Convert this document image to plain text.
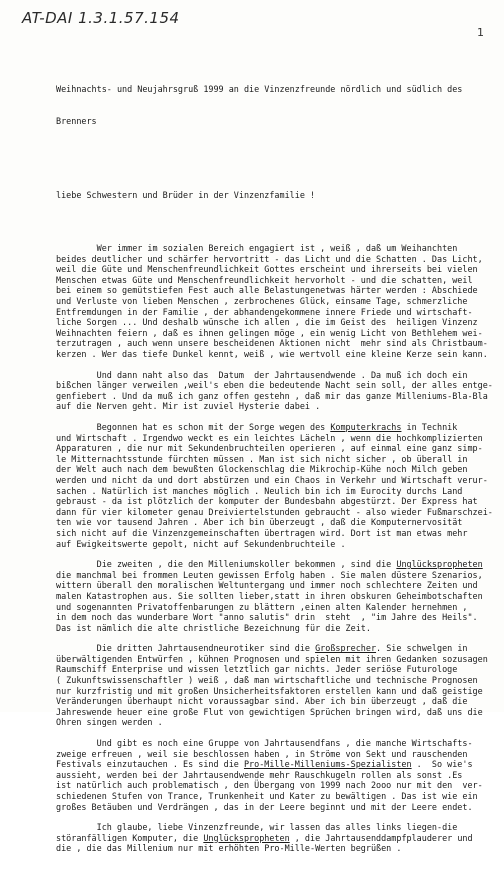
AT-DAI 1.3.1.57.154
1

Weihnachts- und Neujahrsgruß 1999 an die Vinzenzfreunde nördlich und südlich des

Brenners

liebe Schwestern und Brüder in der Vinzenzfamilie !

Wer immer im sozialen Bereich engagiert ist , weiß , daß um Weihanchten
beides deutlicher und schärfer hervortritt - das Licht und die Schatten . Das Licht,
weil die Güte und Menschenfreundlichkeit Gottes erscheint und ihrerseits bei vielen
Menschen etwas Güte und Menschenfreundlichkeit hervorholt - und die schatten, weil
bei einem so gemütstiefen Fest auch alle Belastungenetwas härter werden : Abschiede
und Verluste von lieben Menschen , zerbrochenes Glück, einsame Tage, schmerzliche
Entfremdungen in der Familie , der abhandengekommene innere Friede und wirtschaft-
liche Sorgen ... Und deshalb wünsche ich allen , die im Geist des  heiligen Vinzenz
Weihnachten feiern , daß es ihnen gelingen möge , ein wenig Licht von Bethlehem wei-
terzutragen , auch wenn unsere bescheidenen Aktionen nicht  mehr sind als Christbaum-
kerzen . Wer das tiefe Dunkel kennt, weiß , wie wertvoll eine kleine Kerze sein kann.
Und dann naht also das  Datum  der Jahrtausendwende . Da muß ich doch ein
bißchen länger verweilen ,weil's eben die bedeutende Nacht sein soll, der alles entge-
genfiebert . Und da muß ich ganz offen gestehn , daß mir das ganze Milleniums-Bla-Bla
auf die Nerven geht. Mir ist zuviel Hysterie dabei .
Begonnen hat es schon mit der Sorge wegen des Komputerkrachs in Technik
und Wirtschaft . Irgendwo weckt es ein leichtes Lächeln , wenn die hochkomplizierten
Apparaturen , die nur mit Sekundenbruchteilen operieren , auf einmal eine ganz simp-
le Mitternachtsstunde fürchten müssen . Man ist sich nicht sicher , ob überall in
der Welt auch nach dem bewußten Glockenschlag die Mikrochip-Kühe noch Milch geben
werden und nicht da und dort abstürzen und ein Chaos in Verkehr und Wirtschaft verur-
sachen . Natürlich ist manches möglich . Neulich bin ich im Eurocity durchs Land
gebraust - da ist plötzlich der komputer der Bundesbahn abgestürzt. Der Express hat
dann für vier kilometer genau Dreiviertelstunden gebraucht - also wieder Fußmarschzei-
ten wie vor tausend Jahren . Aber ich bin überzeugt , daß die Komputernervosität
sich nicht auf die Vinzenzgemeinschaften übertragen wird. Dort ist man etwas mehr
auf Ewigkeitswerte gepolt, nicht auf Sekundenbruchteile .
Die zweiten , die den Milleniumskoller bekommen , sind die Unglückspropheten
die manchmal bei frommen Leuten gewissen Erfolg haben . Sie malen düstere Szenarios,
wittern überall den moralischen Weltuntergang und immer noch schlechtere Zeiten und
malen Katastrophen aus. Sie sollten lieber,statt in ihren obskuren Geheimbotschaften
und sogenannten Privatoffenbarungen zu blättern ,einen alten Kalender hernehmen ,
in dem noch das wunderbare Wort "anno salutis" drin  steht  , "im Jahre des Heils".
Das ist nämlich die alte christliche Bezeichnung für die Zeit.
Die dritten Jahrtausendneurotiker sind die Großsprecher. Sie schwelgen in
überwältigenden Entwürfen , kühnen Prognosen und spielen mit ihren Gedanken sozusagen
Raumschiff Enterprise und wissen letztlich gar nichts. Jeder seriöse Futurologe
( Zukunftswissenschaftler ) weiß , daß man wirtschaftliche und technische Prognosen
nur kurzfristig und mit großen Unsicherheitsfaktoren erstellen kann und daß geistige
Veränderungen überhaupt nicht voraussagbar sind. Aber ich bin überzeugt , daß die
Jahreswende heuer eine große Flut von gewichtigen Sprüchen bringen wird, daß uns die
Ohren singen werden .
Und gibt es noch eine Gruppe von Jahrtausendfans , die manche Wirtschafts-
zweige erfreuen , weil sie beschlossen haben , in Ströme von Sekt und rauschenden
Festivals einzutauchen . Es sind die Pro-Mille-Milleniums-Spezialisten .  So wie's
aussieht, werden bei der Jahrtausendwende mehr Rauschkugeln rollen als sonst .Es
ist natürlich auch problematisch , den Übergang von 1999 nach 2ooo nur mit den  ver-
schiedenen Stufen von Trance, Trunkenheit und Kater zu bewältigen . Das ist wie ein
großes Betäuben und Verdrängen , das in der Leere beginnt und mit der Leere endet.
Ich glaube, liebe Vinzenzfreunde, wir lassen das alles links liegen-die
störanfälligen Komputer, die Unglückspropheten , die Jahrtausenddampfplauderer und
die , die das Millenium nur mit erhöhten Pro-Mille-Werten begrüßen .
